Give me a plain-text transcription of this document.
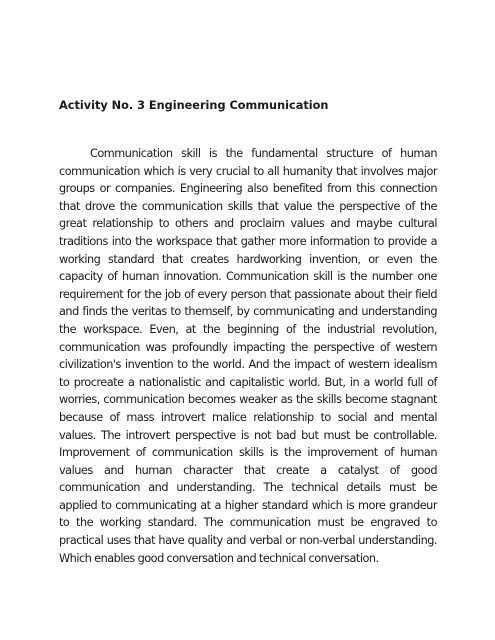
Activity No. 3 Engineering Communication

Communication skill is the fundamental structure of human communication which is very crucial to all humanity that involves major groups or companies. Engineering also benefited from this connection that drove the communication skills that value the perspective of the great relationship to others and proclaim values and maybe cultural traditions into the workspace that gather more information to provide a working standard that creates hardworking invention, or even the capacity of human innovation. Communication skill is the number one requirement for the job of every person that passionate about their field and finds the veritas to themself, by communicating and understanding the workspace. Even, at the beginning of the industrial revolution, communication was profoundly impacting the perspective of western civilization's invention to the world. And the impact of western idealism to procreate a nationalistic and capitalistic world. But, in a world full of worries, communication becomes weaker as the skills become stagnant because of mass introvert malice relationship to social and mental values. The introvert perspective is not bad but must be controllable. Improvement of communication skills is the improvement of human values and human character that create a catalyst of good communication and understanding. The technical details must be applied to communicating at a higher standard which is more grandeur to the working standard. The communication must be engraved to practical uses that have quality and verbal or non-verbal understanding. Which enables good conversation and technical conversation.
